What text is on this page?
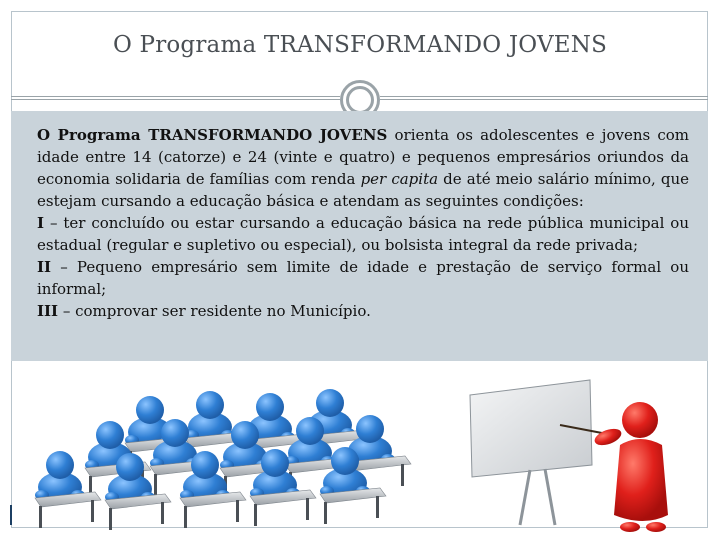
O Programa TRANSFORMANDO JOVENS

O Programa TRANSFORMANDO JOVENS orienta os adolescentes e jovens com idade entre 14 (catorze) e 24 (vinte e quatro) e pequenos empresários oriundos da economia solidaria de famílias com renda per capita de até meio salário mínimo, que estejam cursando a educação básica e atendam as seguintes condições:

I – ter concluído ou estar cursando a educação básica na rede pública municipal ou estadual (regular e supletivo ou especial), ou bolsista integral da rede privada;

II – Pequeno empresário sem limite de idade e prestação de serviço formal ou informal;

III – comprovar ser residente no Município.
